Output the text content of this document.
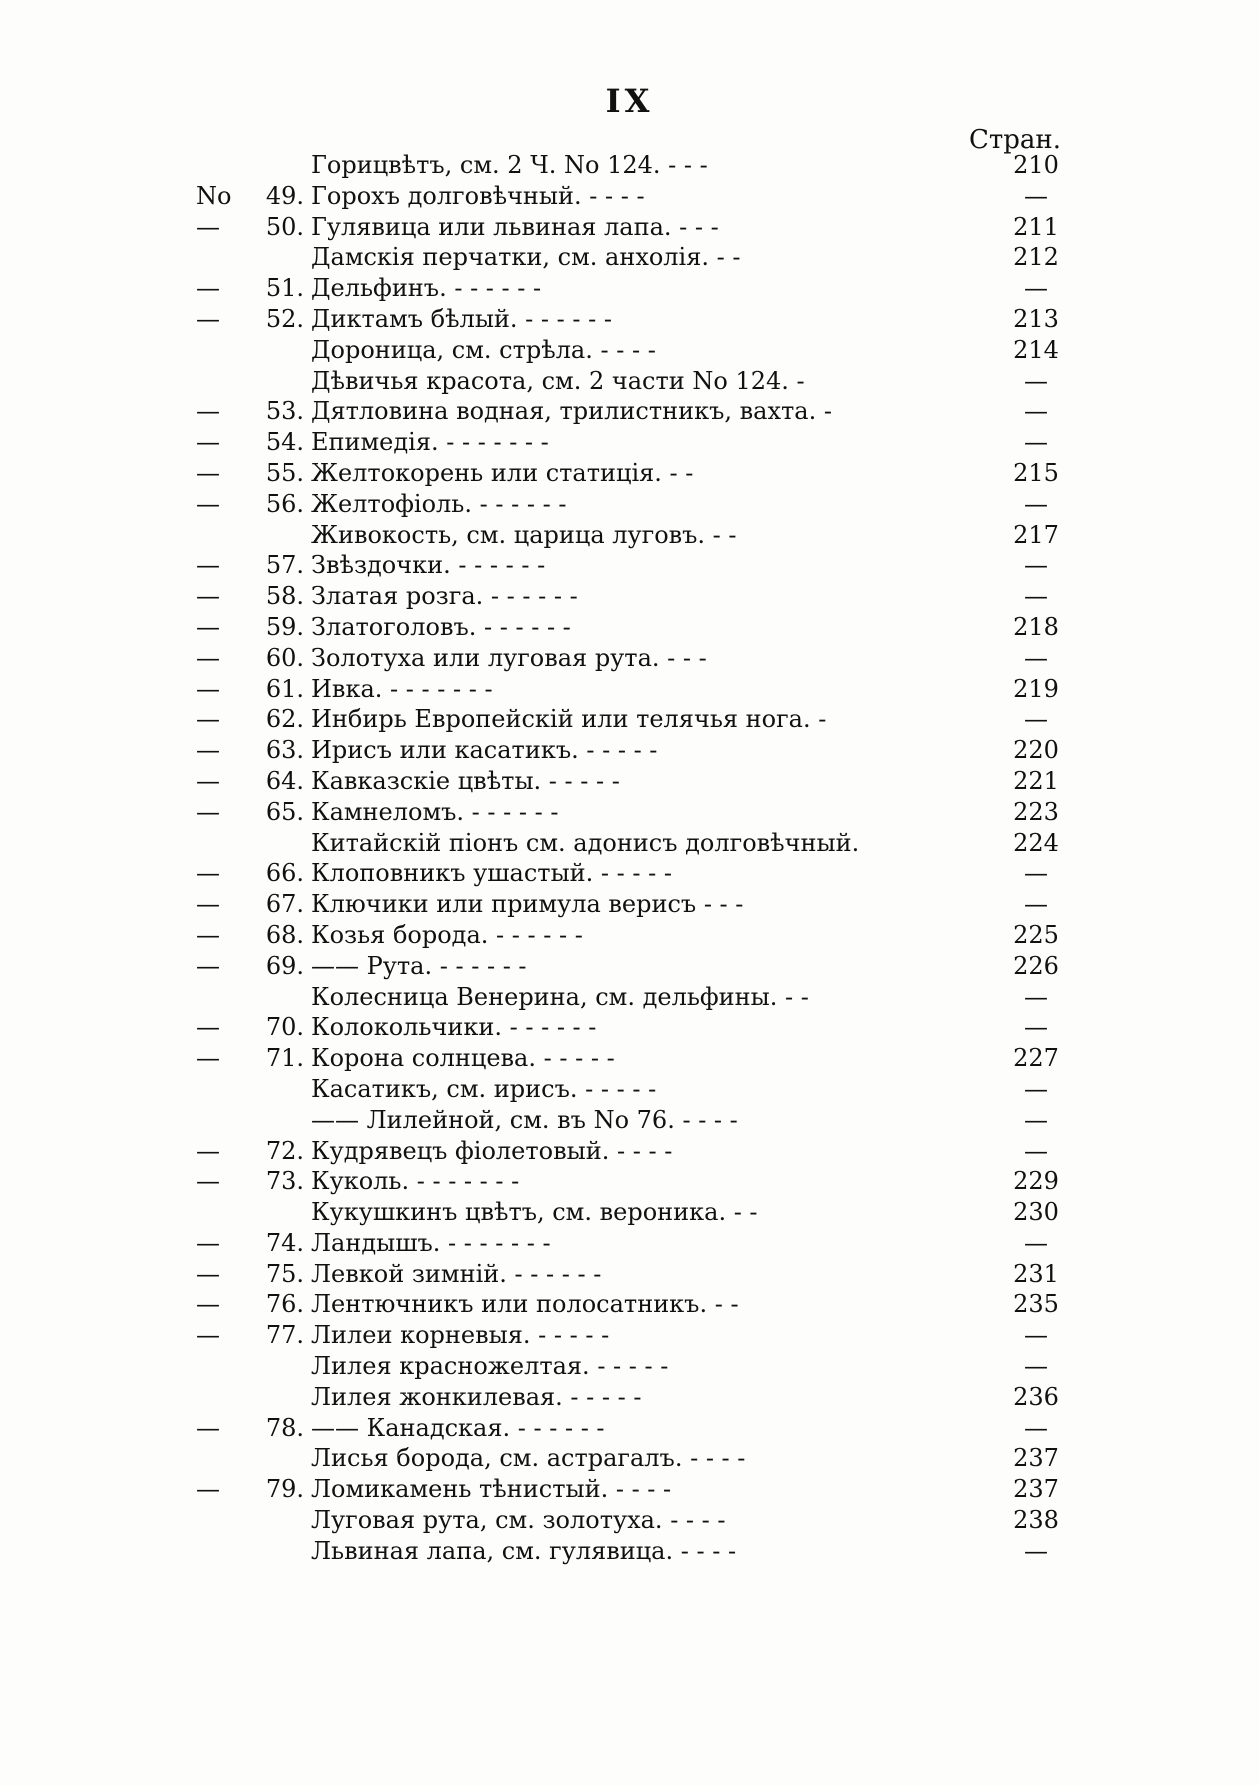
IX
Стран.
Горицвѣтъ, см. 2 Ч. No 124. - - -	210
No	49. Горохъ долговѣчный. - - - -	—
—	50. Гулявица или львиная лапа. - - -	211
Дамскія перчатки, см. анхолія. - -	212
—	51. Дельфинъ. - - - - - -	—
—	52. Диктамъ бѣлый. - - - - - -	213
Дороница, см. стрѣла. - - - -	214
Дѣвичья красота, см. 2 части No 124. -	—
—	53. Дятловина водная, трилистникъ, вахта. -	—
—	54. Епимедія. - - - - - - -	—
—	55. Желтокорень или статиція. - -	215
—	56. Желтофіоль. - - - - - -	—
Живокость, см. царица луговъ. - -	217
—	57. Звѣздочки. - - - - - -	—
—	58. Златая розга. - - - - - -	—
—	59. Златоголовъ. - - - - - -	218
—	60. Золотуха или луговая рута. - - -	—
—	61. Ивка. - - - - - - -	219
—	62. Инбирь Европейскій или телячья нога. -	—
—	63. Ирисъ или касатикъ. - - - - -	220
—	64. Кавказскіе цвѣты. - - - - -	221
—	65. Камнеломъ. - - - - - -	223
Китайскій піонъ см. адонисъ долговѣчный.	224
—	66. Клоповникъ ушастый. - - - - -	—
—	67. Ключики или примула верисъ - - -	—
—	68. Козья борода. - - - - - -	225
—	69. —— Рута. - - - - - -	226
Колесница Венерина, см. дельфины. - -	—
—	70. Колокольчики. - - - - - -	—
—	71. Корона солнцева. - - - - -	227
Касатикъ, см. ирисъ. - - - - -	—
—— Лилейной, см. въ No 76. - - - -	—
—	72. Кудрявецъ фіолетовый. - - - -	—
—	73. Куколь. - - - - - - -	229
Кукушкинъ цвѣтъ, см. вероника. - -	230
—	74. Ландышъ. - - - - - - -	—
—	75. Левкой зимній. - - - - - -	231
—	76. Лентючникъ или полосатникъ. - -	235
—	77. Лилеи корневыя. - - - - -	—
Лилея красножелтая. - - - - -	—
Лилея жонкилевая. - - - - -	236
—	78. —— Канадская. - - - - - -	—
Лисья борода, см. астрагалъ. - - - -	237
—	79. Ломикамень тѣнистый. - - - -	237
Луговая рута, см. золотуха. - - - -	238
Львиная лапа, см. гулявица. - - - -	—
